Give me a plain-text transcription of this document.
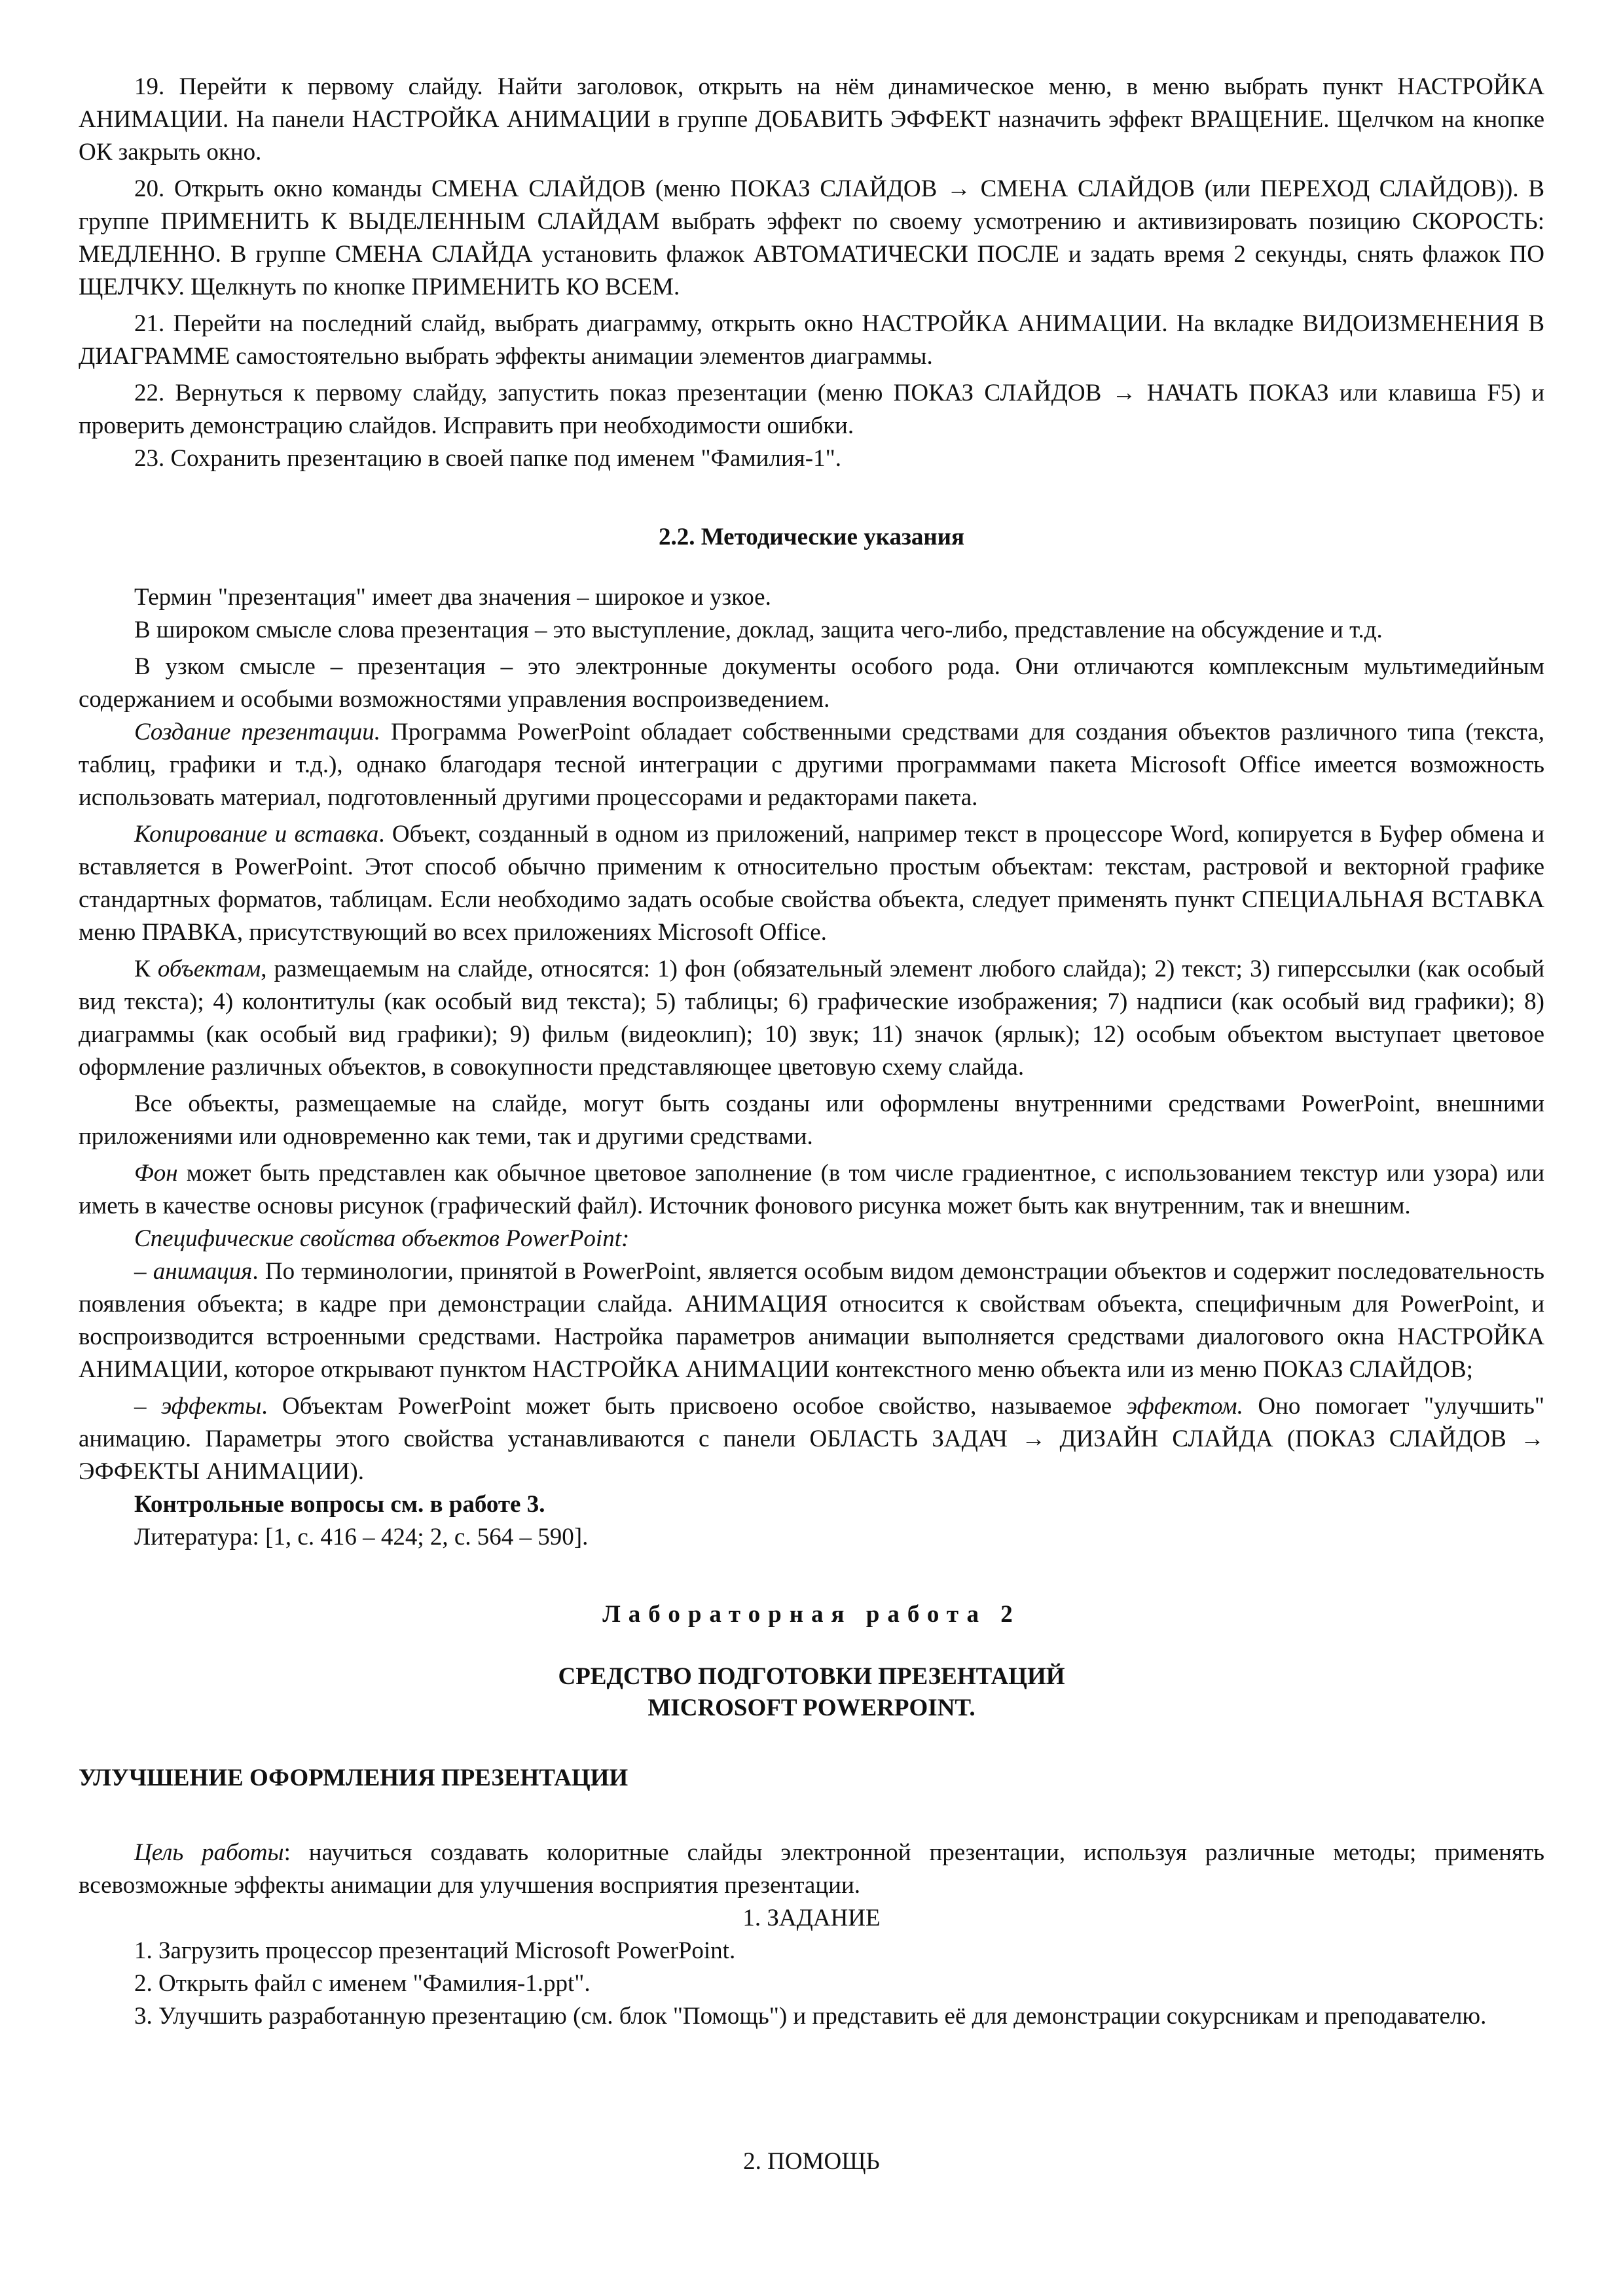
19. Перейти к первому слайду. Найти заголовок, открыть на нём динамическое меню, в меню выбрать пункт НАСТРОЙКА АНИМАЦИИ. На панели НАСТРОЙКА АНИМАЦИИ в группе ДОБАВИТЬ ЭФФЕКТ назначить эффект ВРАЩЕНИЕ. Щелчком на кнопке ОК закрыть окно.

20. Открыть окно команды СМЕНА СЛАЙДОВ (меню ПОКАЗ СЛАЙДОВ → СМЕНА СЛАЙДОВ (или ПЕРЕХОД СЛАЙДОВ)). В группе ПРИМЕНИТЬ К ВЫДЕЛЕННЫМ СЛАЙДАМ выбрать эффект по своему усмотрению и активизировать позицию СКОРОСТЬ: МЕДЛЕННО. В группе СМЕНА СЛАЙДА установить флажок АВТОМАТИЧЕСКИ ПОСЛЕ и задать время 2 секунды, снять флажок ПО ЩЕЛЧКУ. Щелкнуть по кнопке ПРИМЕНИТЬ КО ВСЕМ.

21. Перейти на последний слайд, выбрать диаграмму, открыть окно НАСТРОЙКА АНИМАЦИИ. На вкладке ВИДОИЗМЕНЕНИЯ В ДИАГРАММЕ самостоятельно выбрать эффекты анимации элементов диаграммы.

22. Вернуться к первому слайду, запустить показ презентации (меню ПОКАЗ СЛАЙДОВ → НАЧАТЬ ПОКАЗ или клавиша F5) и проверить демонстрацию слайдов. Исправить при необходимости ошибки.

23. Сохранить презентацию в своей папке под именем "Фамилия-1".

2.2. Методические указания

Термин "презентация" имеет два значения – широкое и узкое.

В широком смысле слова презентация – это выступление, доклад, защита чего-либо, представление на обсуждение и т.д.

В узком смысле – презентация – это электронные документы особого рода. Они отличаются комплексным мультимедийным содержанием и особыми возможностями управления воспроизведением.

Создание презентации. Программа PowerPoint обладает собственными средствами для создания объектов различного типа (текста, таблиц, графики и т.д.), однако благодаря тесной интеграции с другими программами пакета Microsoft Office имеется возможность использовать материал, подготовленный другими процессорами и редакторами пакета.

Копирование и вставка. Объект, созданный в одном из приложений, например текст в процессоре Word, копируется в Буфер обмена и вставляется в PowerPoint. Этот способ обычно применим к относительно простым объектам: текстам, растровой и векторной графике стандартных форматов, таблицам. Если необходимо задать особые свойства объекта, следует применять пункт СПЕЦИАЛЬНАЯ ВСТАВКА меню ПРАВКА, присутствующий во всех приложениях Microsoft Office.

К объектам, размещаемым на слайде, относятся: 1) фон (обязательный элемент любого слайда); 2) текст; 3) гиперссылки (как особый вид текста); 4) колонтитулы (как особый вид текста); 5) таблицы; 6) графические изображения; 7) надписи (как особый вид графики); 8) диаграммы (как особый вид графики); 9) фильм (видеоклип); 10) звук; 11) значок (ярлык); 12) особым объектом выступает цветовое оформление различных объектов, в совокупности представляющее цветовую схему слайда.

Все объекты, размещаемые на слайде, могут быть созданы или оформлены внутренними средствами PowerPoint, внешними приложениями или одновременно как теми, так и другими средствами.

Фон может быть представлен как обычное цветовое заполнение (в том числе градиентное, с использованием текстур или узора) или иметь в качестве основы рисунок (графический файл). Источник фонового рисунка может быть как внутренним, так и внешним.

Специфические свойства объектов PowerPoint:

– анимация. По терминологии, принятой в PowerPoint, является особым видом демонстрации объектов и содержит последовательность появления объекта; в кадре при демонстрации слайда. АНИМАЦИЯ относится к свойствам объекта, специфичным для PowerPoint, и воспроизводится встроенными средствами. Настройка параметров анимации выполняется средствами диалогового окна НАСТРОЙКА АНИМАЦИИ, которое открывают пунктом НАСТРОЙКА АНИМАЦИИ контекстного меню объекта или из меню ПОКАЗ СЛАЙДОВ;

– эффекты. Объектам PowerPoint может быть присвоено особое свойство, называемое эффектом. Оно помогает "улучшить" анимацию. Параметры этого свойства устанавливаются с панели ОБЛАСТЬ ЗАДАЧ → ДИЗАЙН СЛАЙДА (ПОКАЗ СЛАЙДОВ → ЭФФЕКТЫ АНИМАЦИИ).

Контрольные вопросы см. в работе 3.

Литература: [1, с. 416 – 424; 2, с. 564 – 590].

Лабораторная работа 2

СРЕДСТВО ПОДГОТОВКИ ПРЕЗЕНТАЦИЙ
MICROSOFT POWERPOINT.

УЛУЧШЕНИЕ ОФОРМЛЕНИЯ ПРЕЗЕНТАЦИИ

Цель работы: научиться создавать колоритные слайды электронной презентации, используя различные методы; применять всевозможные эффекты анимации для улучшения восприятия презентации.

1. ЗАДАНИЕ

1. Загрузить процессор презентаций Microsoft PowerPoint.

2. Открыть файл с именем "Фамилия-1.ppt".

3. Улучшить разработанную презентацию (см. блок "Помощь") и представить её для демонстрации сокурсникам и преподавателю.

2. ПОМОЩЬ
